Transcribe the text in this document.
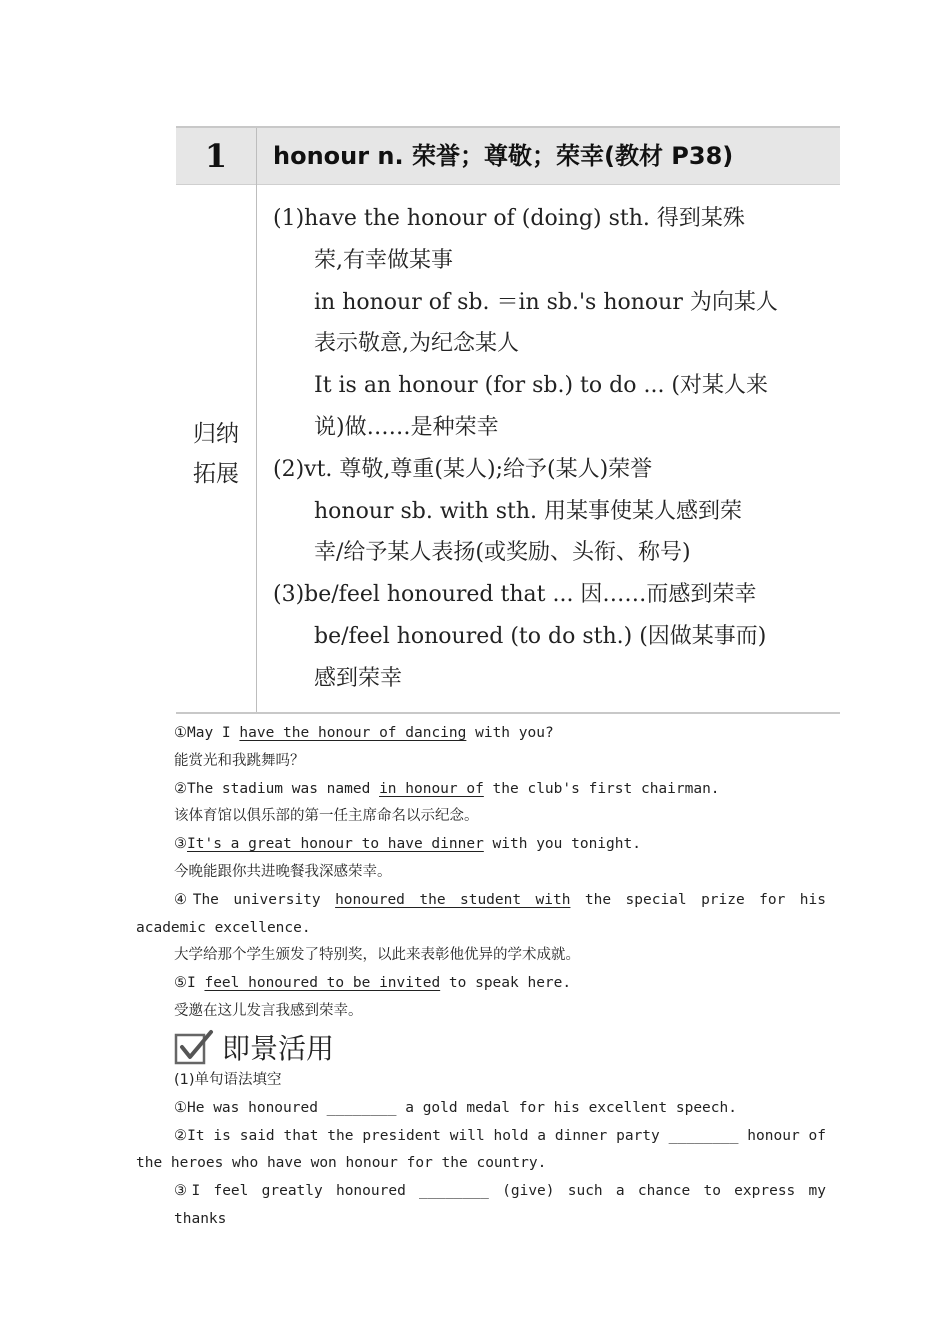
1	honour n. 荣誉；尊敬；荣幸(教材 P38)
归纳
拓展
(1)have the honour of (doing) sth. 得到某殊
荣,有幸做某事
in honour of sb. ＝in sb.'s honour 为向某人
表示敬意,为纪念某人
It is an honour (for sb.) to do ... (对某人来
说)做……是种荣幸
(2)vt. 尊敬,尊重(某人);给予(某人)荣誉
honour sb. with sth. 用某事使某人感到荣
幸/给予某人表扬(或奖励、头衔、称号)
(3)be/feel honoured that ... 因……而感到荣幸
be/feel honoured (to do sth.) (因做某事而)
感到荣幸

①May I have the honour of dancing with you?

能赏光和我跳舞吗？

②The stadium was named in honour of the club's first chairman.

该体育馆以俱乐部的第一任主席命名以示纪念。

③It's a great honour to have dinner with you tonight.

今晚能跟你共进晚餐我深感荣幸。

④The university honoured the student with the special prize for his

academic excellence.

大学给那个学生颁发了特别奖，以此来表彰他优异的学术成就。

⑤I feel honoured to be invited to speak here.

受邀在这儿发言我感到荣幸。

即景活用

(1)单句语法填空

①He was honoured ________ a gold medal for his excellent speech.

②It is said that the president will hold a dinner party ________ honour of

the heroes who have won honour for the country.

③I feel greatly honoured ________ (give) such a chance to express my thanks
